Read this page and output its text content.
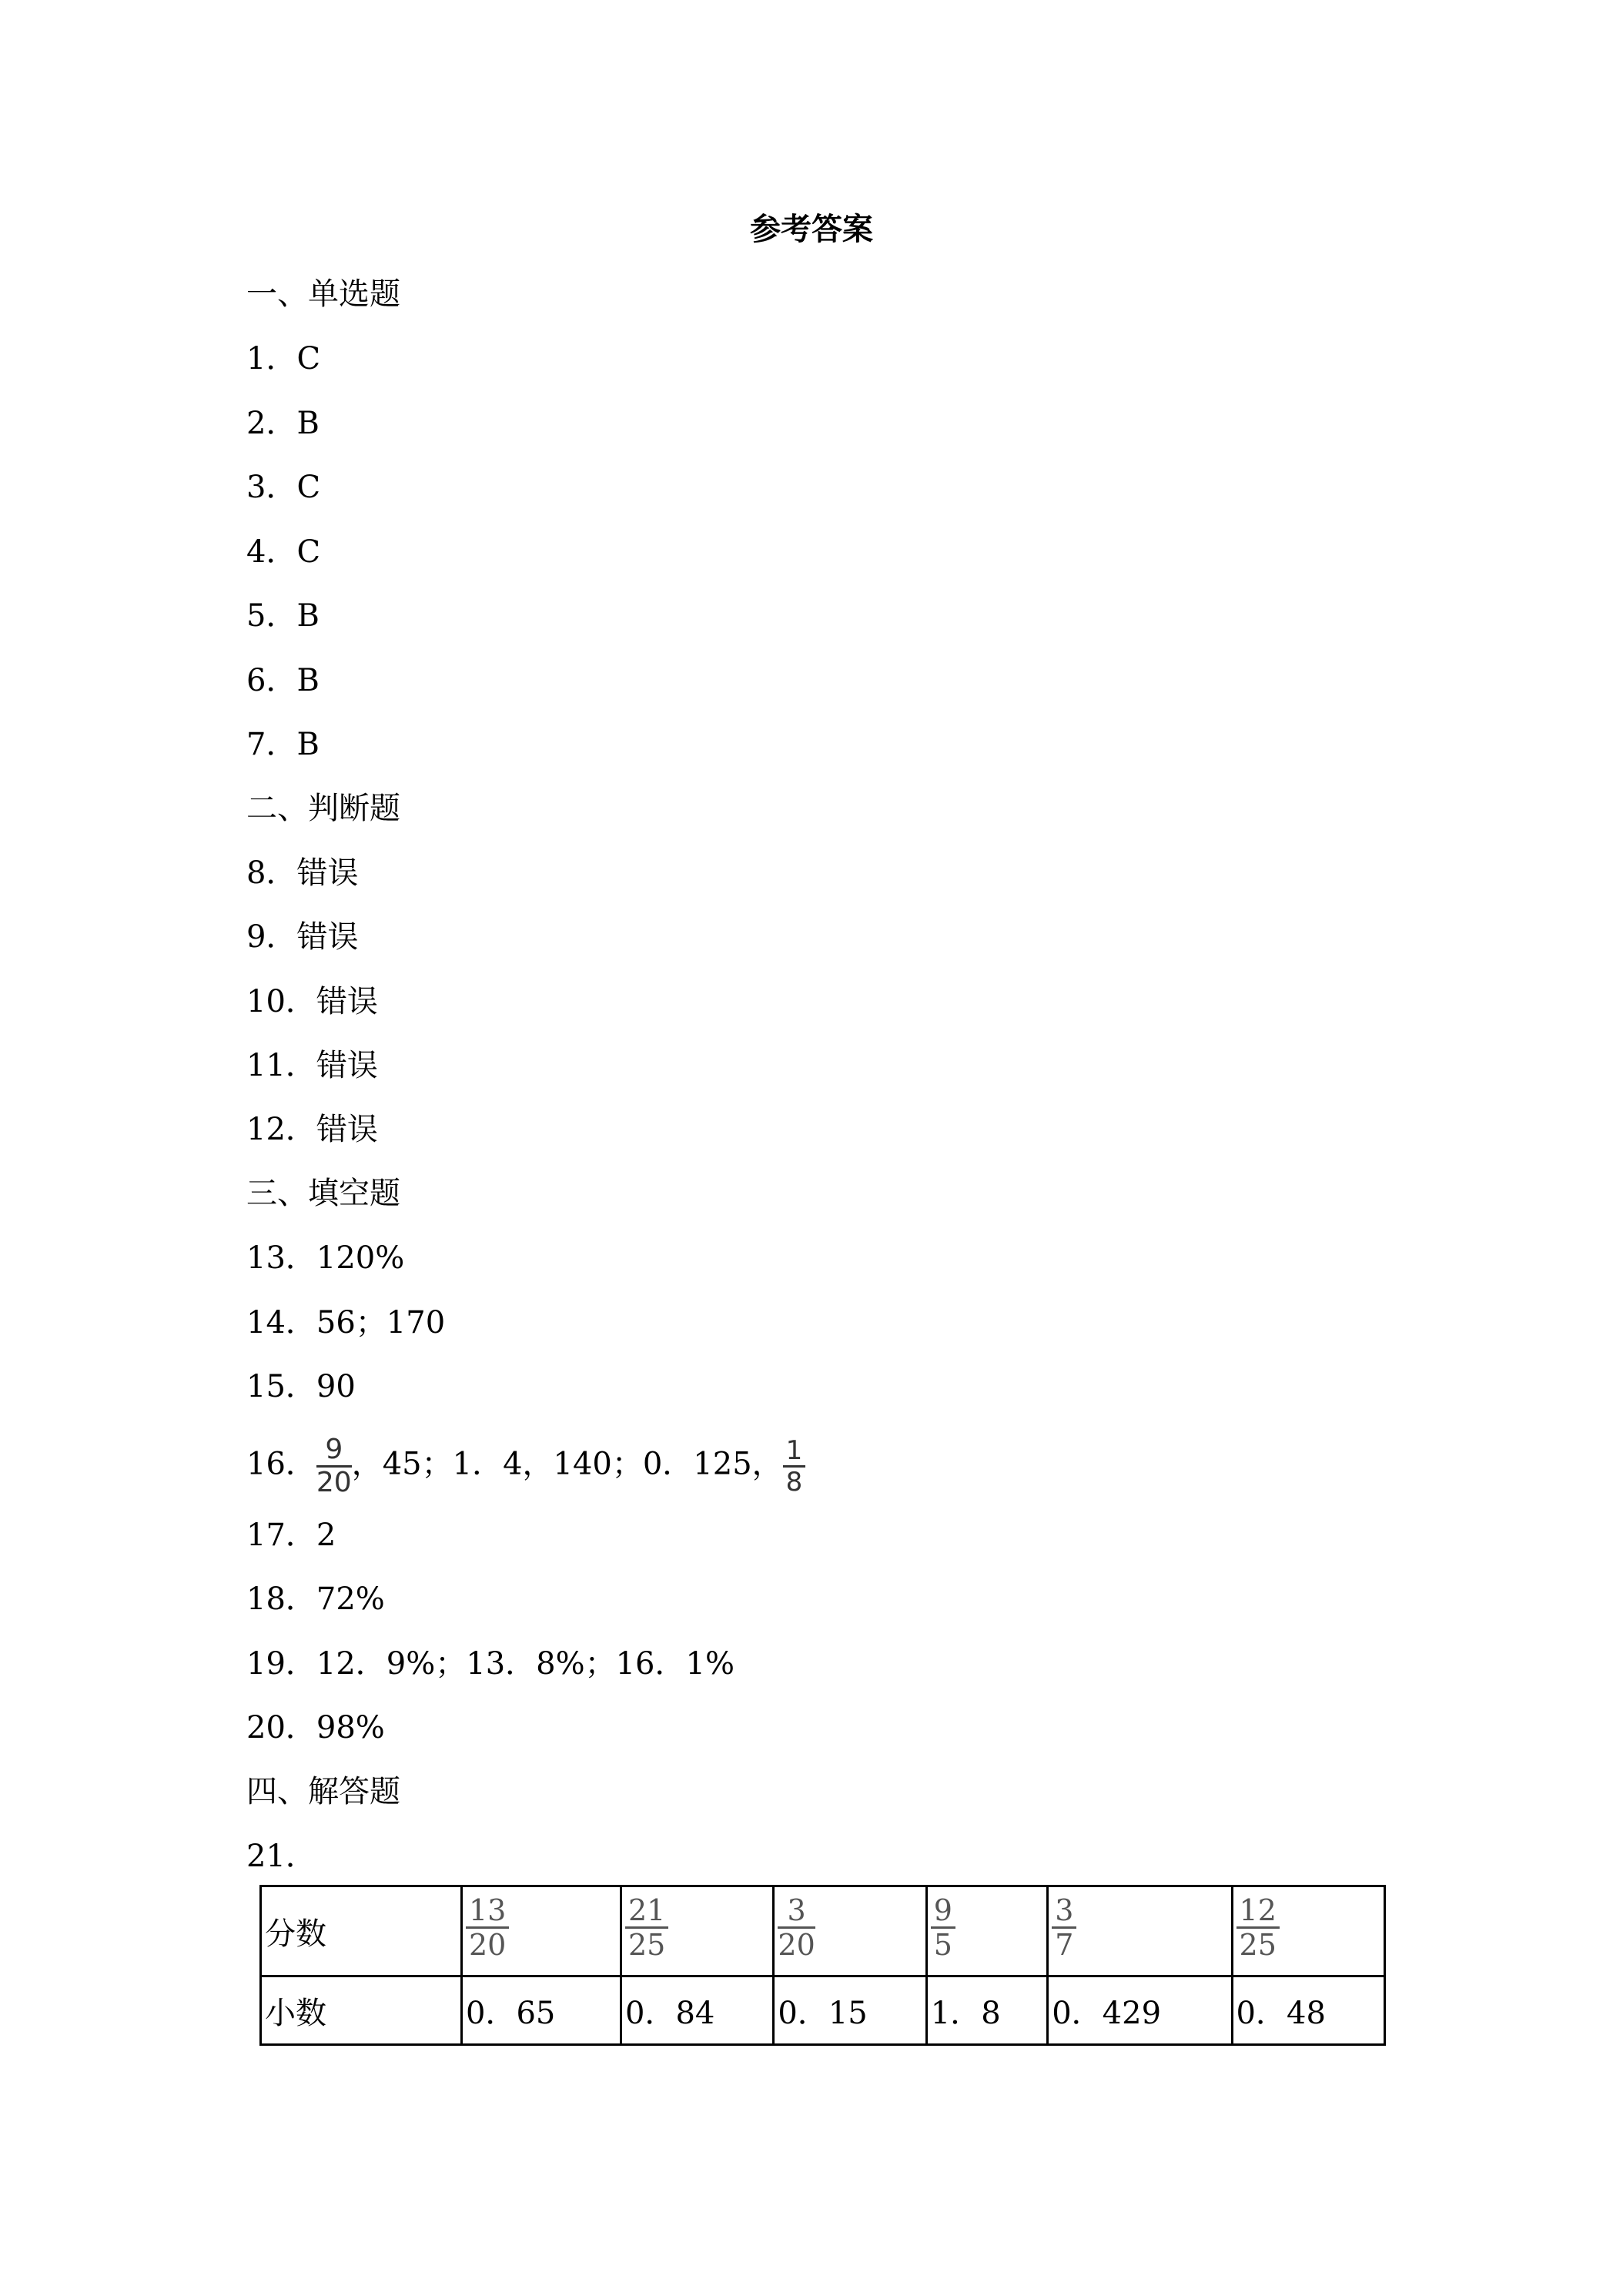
参考答案
一、单选题
1．C
2．B
3．C
4．C
5．B
6．B
7．B
二、判断题
8．错误
9．错误
10．错误
11．错误
12．错误
三、填空题
13．120%
14．56；170
15．90
16． $\frac{9}{20}$ ，45；1．4，140；0．125， $\frac{1}{8}$
17．2
18．72%
19．12．9%；13．8%；16．1%
20．98%
四、解答题
21．
分数	$\frac{13}{20}$	$\frac{21}{25}$	$\frac{3}{20}$	$\frac{9}{5}$	$\frac{3}{7}$	$\frac{12}{25}$

小数	0．65	0．84	0．15	1．8	0．429	0．48
